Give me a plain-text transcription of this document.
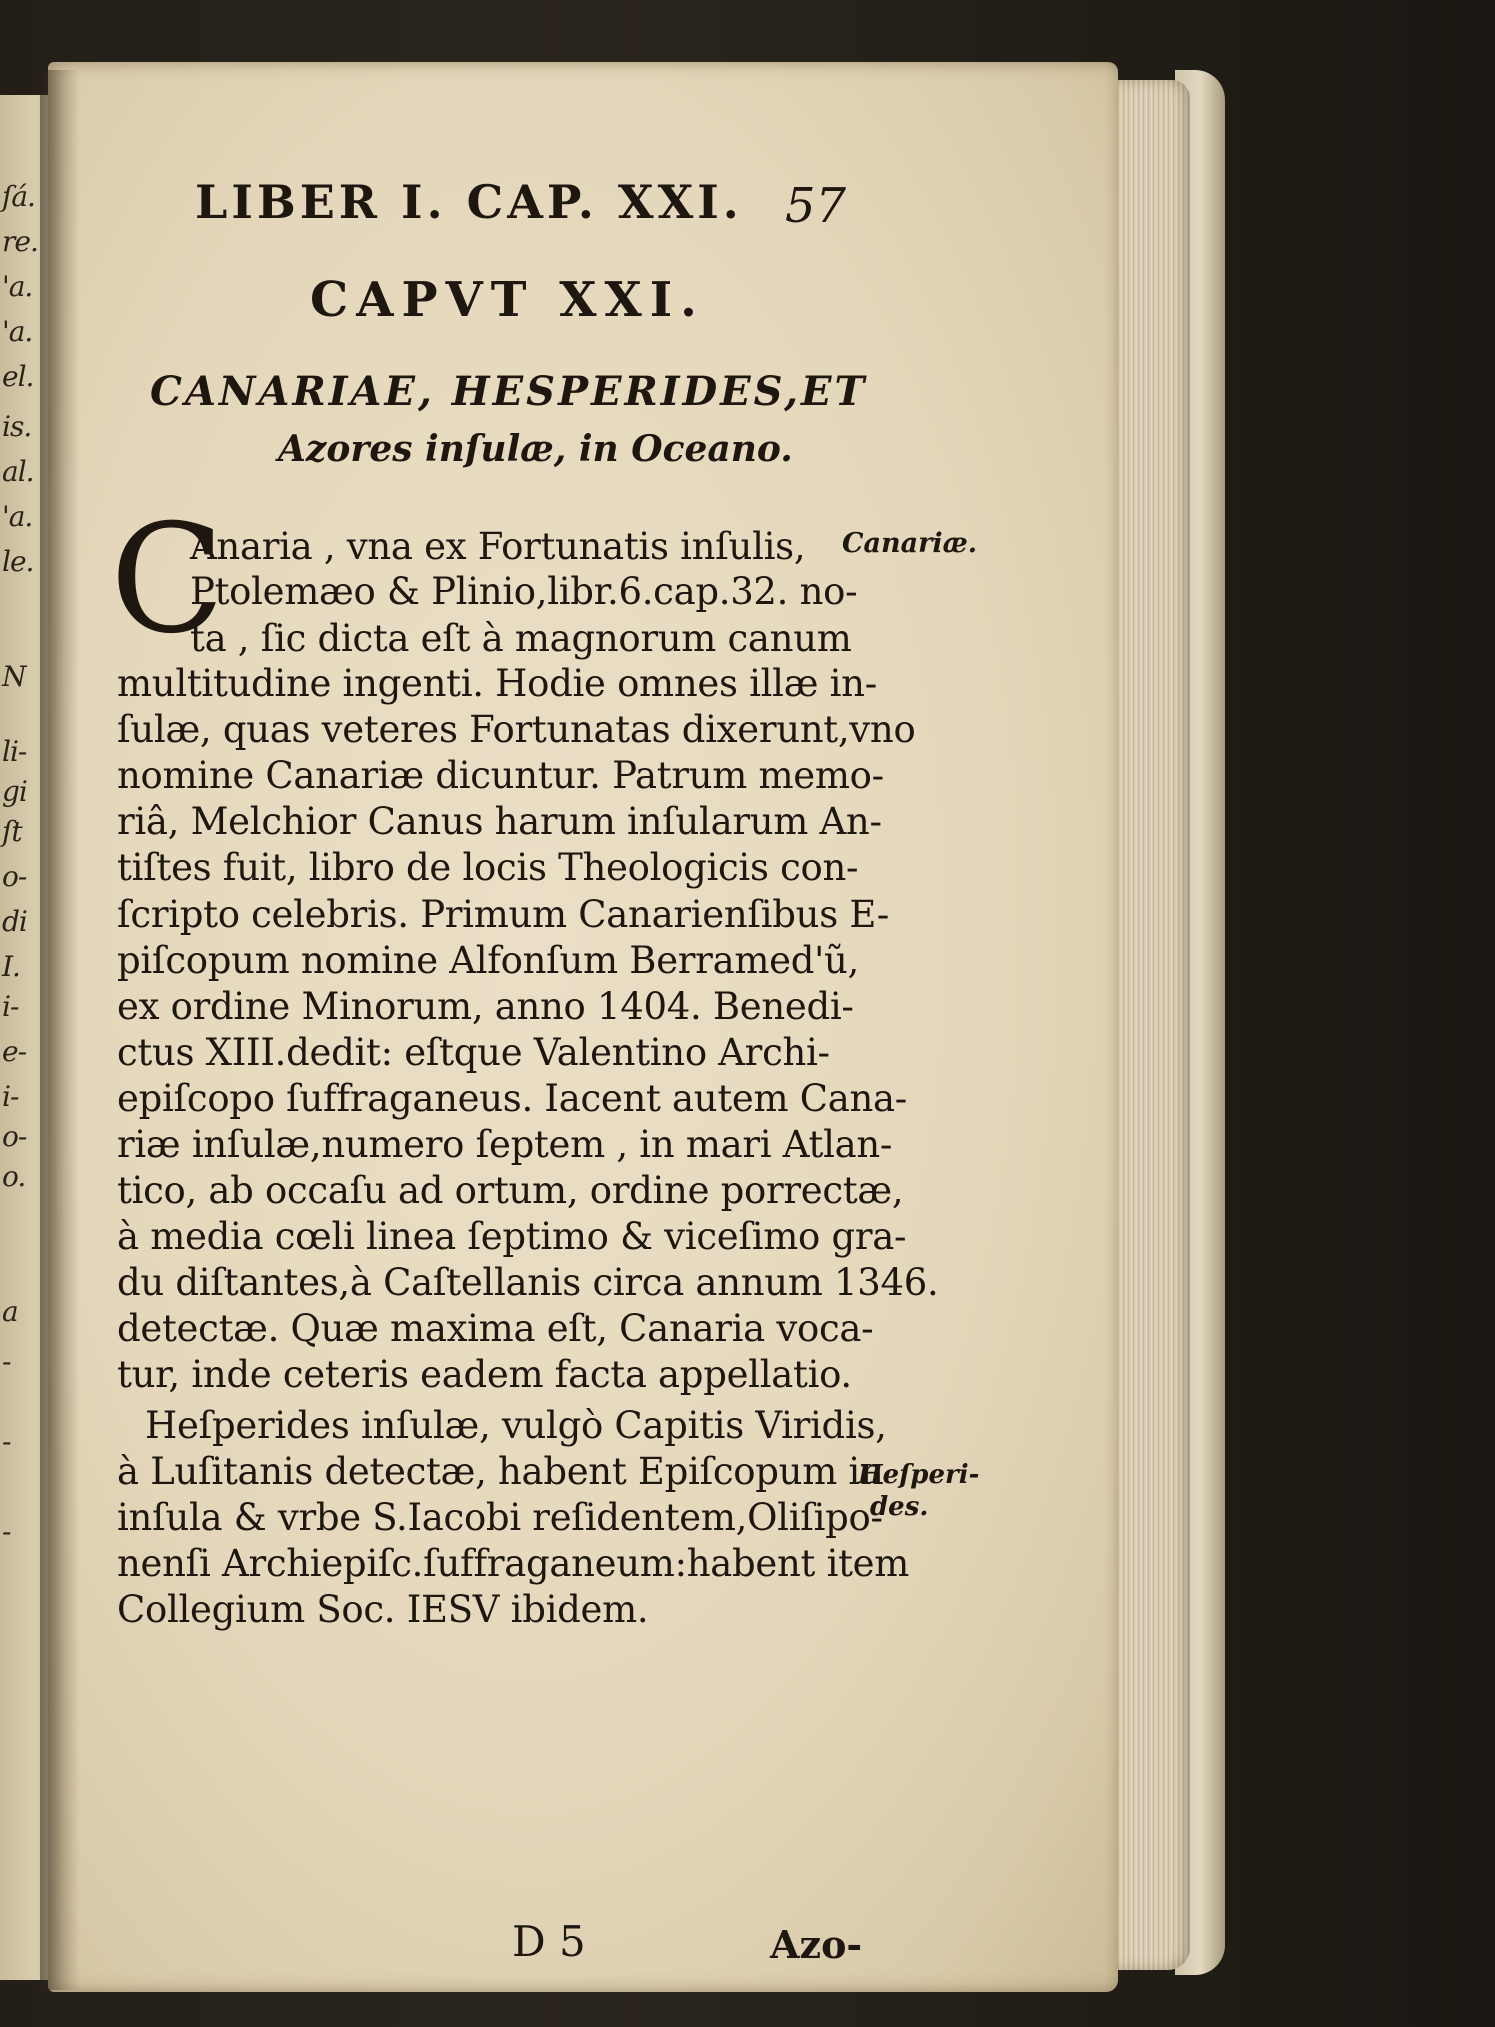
ſá.
re.
'a.
'a.
el.
is.
al.
'a.
le.
N
li-
gi
ſt
o-
di
I.
i-
e-
i-
o-
o.
a
-
-
-
LIBER I. CAP. XXI. 57
CAPVT XXI.
CANARIAE, HESPERIDES,ET
Azores inſulæ, in Oceano.
C
Anaria , vna ex Fortunatis inſulis,
Ptolemæo & Plinio,libr.6.cap.32. no-
ta , ſic dicta eſt à magnorum canum
multitudine ingenti. Hodie omnes illæ in-
ſulæ, quas veteres Fortunatas dixerunt,vno
nomine Canariæ dicuntur. Patrum memo-
riâ, Melchior Canus harum inſularum An-
tiſtes fuit, libro de locis Theologicis con-
ſcripto celebris. Primum Canarienſibus E-
piſcopum nomine Alfonſum Berramed'ũ,
ex ordine Minorum, anno 1404. Benedi-
ctus XIII.dedit: eſtque Valentino Archi-
epiſcopo ſuffraganeus. Iacent autem Cana-
riæ inſulæ,numero ſeptem , in mari Atlan-
tico, ab occaſu ad ortum, ordine porrectæ,
à media cœli linea ſeptimo & viceſimo gra-
du diſtantes,à Caſtellanis circa annum 1346.
detectæ. Quæ maxima eſt, Canaria voca-
tur, inde ceteris eadem facta appellatio.
Heſperides inſulæ, vulgò Capitis Viridis,
à Luſitanis detectæ, habent Epiſcopum in
inſula & vrbe S.Iacobi reſidentem,Oliſipo-
nenſi Archiepiſc.ſuffraganeum:habent item
Collegium Soc. IESV ibidem.
Canariæ.
Heſperi-
des.
D 5	Azo-
